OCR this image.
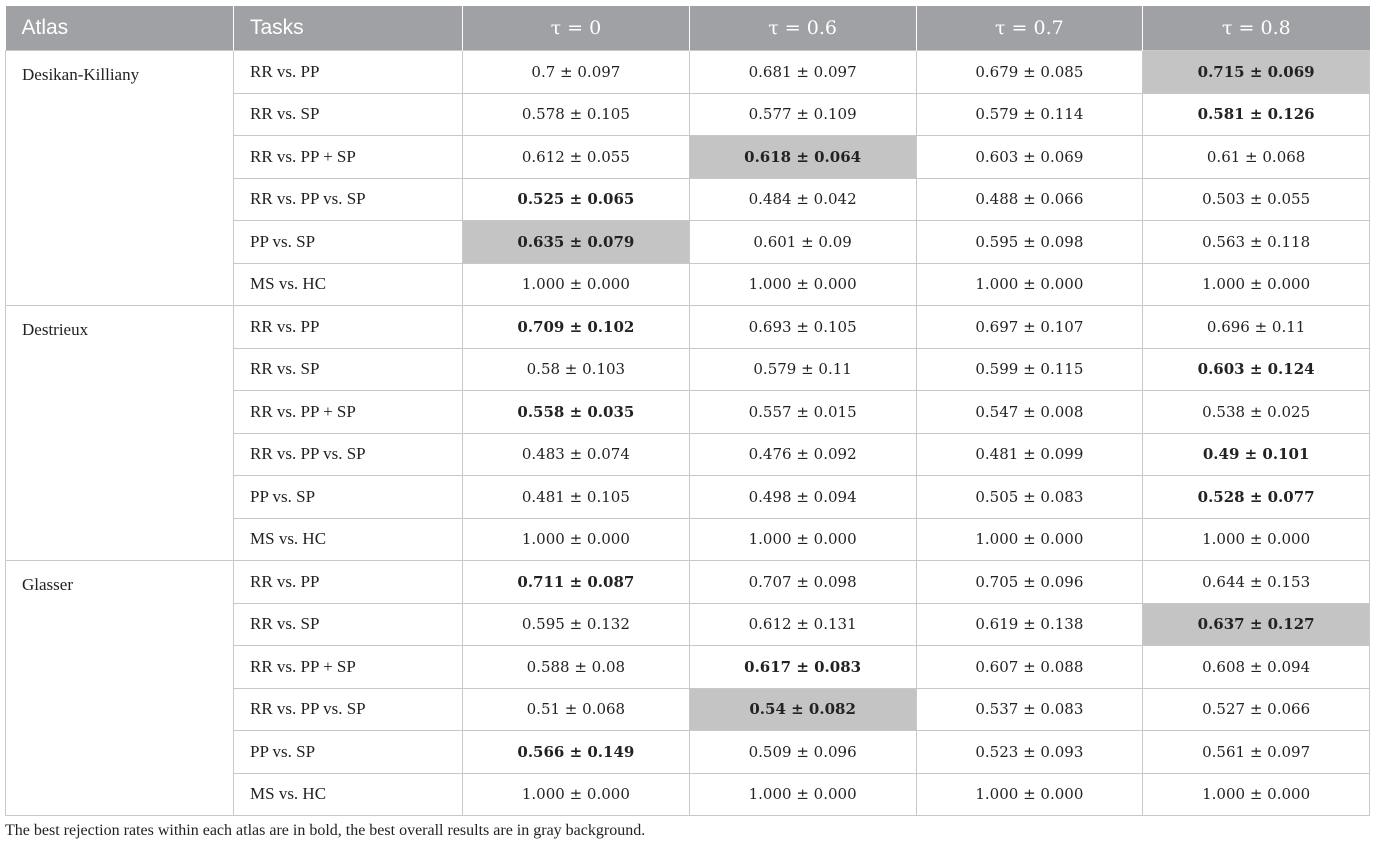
Atlas	Tasks	τ = 0	τ = 0.6	τ = 0.7	τ = 0.8
Desikan-Killiany	RR vs. PP	0.7 ± 0.097	0.681 ± 0.097	0.679 ± 0.085	0.715 ± 0.069
	RR vs. SP	0.578 ± 0.105	0.577 ± 0.109	0.579 ± 0.114	0.581 ± 0.126
	RR vs. PP + SP	0.612 ± 0.055	0.618 ± 0.064	0.603 ± 0.069	0.61 ± 0.068
	RR vs. PP vs. SP	0.525 ± 0.065	0.484 ± 0.042	0.488 ± 0.066	0.503 ± 0.055
	PP vs. SP	0.635 ± 0.079	0.601 ± 0.09	0.595 ± 0.098	0.563 ± 0.118
	MS vs. HC	1.000 ± 0.000	1.000 ± 0.000	1.000 ± 0.000	1.000 ± 0.000
Destrieux	RR vs. PP	0.709 ± 0.102	0.693 ± 0.105	0.697 ± 0.107	0.696 ± 0.11
	RR vs. SP	0.58 ± 0.103	0.579 ± 0.11	0.599 ± 0.115	0.603 ± 0.124
	RR vs. PP + SP	0.558 ± 0.035	0.557 ± 0.015	0.547 ± 0.008	0.538 ± 0.025
	RR vs. PP vs. SP	0.483 ± 0.074	0.476 ± 0.092	0.481 ± 0.099	0.49 ± 0.101
	PP vs. SP	0.481 ± 0.105	0.498 ± 0.094	0.505 ± 0.083	0.528 ± 0.077
	MS vs. HC	1.000 ± 0.000	1.000 ± 0.000	1.000 ± 0.000	1.000 ± 0.000
Glasser	RR vs. PP	0.711 ± 0.087	0.707 ± 0.098	0.705 ± 0.096	0.644 ± 0.153
	RR vs. SP	0.595 ± 0.132	0.612 ± 0.131	0.619 ± 0.138	0.637 ± 0.127
	RR vs. PP + SP	0.588 ± 0.08	0.617 ± 0.083	0.607 ± 0.088	0.608 ± 0.094
	RR vs. PP vs. SP	0.51 ± 0.068	0.54 ± 0.082	0.537 ± 0.083	0.527 ± 0.066
	PP vs. SP	0.566 ± 0.149	0.509 ± 0.096	0.523 ± 0.093	0.561 ± 0.097
	MS vs. HC	1.000 ± 0.000	1.000 ± 0.000	1.000 ± 0.000	1.000 ± 0.000
The best rejection rates within each atlas are in bold, the best overall results are in gray background.
